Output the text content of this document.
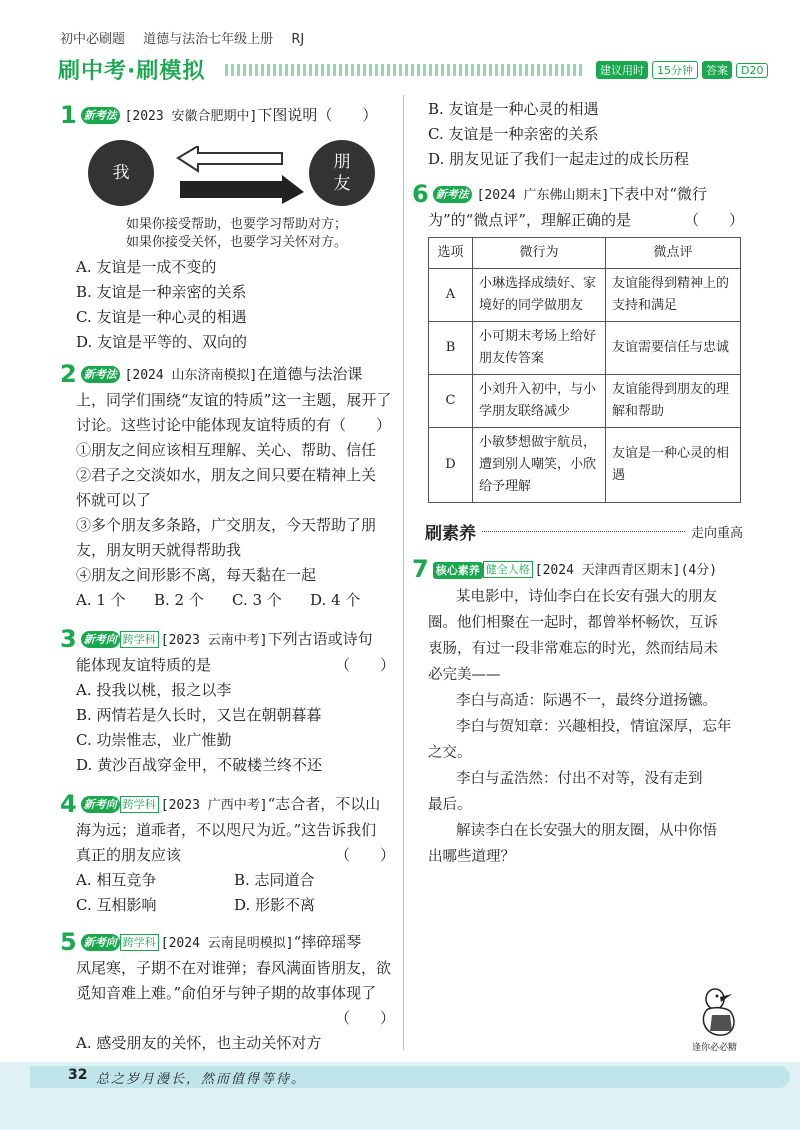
初中必刷题 道德与法治七年级上册 RJ
刷中考·刷模拟	建议用时	15分钟	答案	D20
1 新考法 [2023 安徽合肥期中]下图说明（　　）
我
朋
友
如果你接受帮助，也要学习帮助对方；
如果你接受关怀，也要学习关怀对方。
A. 友谊是一成不变的
B. 友谊是一种亲密的关系
C. 友谊是一种心灵的相遇
D. 友谊是平等的、双向的
2 新考法 [2024 山东济南模拟]在道德与法治课
上，同学们围绕“友谊的特质”这一主题，展开了
讨论。这些讨论中能体现友谊特质的有（　　）
①朋友之间应该相互理解、关心、帮助、信任
②君子之交淡如水，朋友之间只要在精神上关
怀就可以了
③多个朋友多条路，广交朋友，今天帮助了朋
友，朋友明天就得帮助我
④朋友之间形影不离，每天黏在一起
A. 1 个 B. 2 个 C. 3 个 D. 4 个
3 新考向 跨学科 [2023 云南中考]下列古语或诗句
能体现友谊特质的是	（　　）
A. 投我以桃，报之以李
B. 两情若是久长时，又岂在朝朝暮暮
C. 功崇惟志，业广惟勤
D. 黄沙百战穿金甲，不破楼兰终不还
4 新考向 跨学科 [2023 广西中考]“志合者，不以山
海为远；道乖者，不以咫尺为近。”这告诉我们
真正的朋友应该	（　　）
A. 相互竞争	B. 志同道合
C. 互相影响	D. 形影不离
5 新考向 跨学科 [2024 云南昆明模拟]“摔碎瑶琴
凤尾寒，子期不在对谁弹；春风满面皆朋友，欲
觅知音难上难。”俞伯牙与钟子期的故事体现了
（　　）
A. 感受朋友的关怀，也主动关怀对方
B. 友谊是一种心灵的相遇
C. 友谊是一种亲密的关系
D. 朋友见证了我们一起走过的成长历程
6 新考法 [2024 广东佛山期末]下表中对“微行
为”的“微点评”，理解正确的是	（　　）
选项	微行为	微点评
A	小琳选择成绩好、家境好的同学做朋友	友谊能得到精神上的支持和满足
B	小可期末考场上给好朋友传答案	友谊需要信任与忠诚
C	小刘升入初中，与小学朋友联络减少	友谊能得到朋友的理解和帮助
D	小敏梦想做宇航员，遭到别人嘲笑，小欣给予理解	友谊是一种心灵的相遇
刷素养	走向重高
7 核心素养 健全人格 [2024 天津西青区期末](4分)
某电影中，诗仙李白在长安有强大的朋友
圈。他们相聚在一起时，都曾举杯畅饮，互诉
衷肠，有过一段非常难忘的时光，然而结局未
必完美——
李白与高适：际遇不一，最终分道扬镳。
李白与贺知章：兴趣相投，情谊深厚，忘年
之交。
李白与孟浩然：付出不对等，没有走到
最后。
解读李白在长安强大的朋友圈，从中你悟
出哪些道理？
逢你必必糖
32 总之岁月漫长，然而值得等待。
